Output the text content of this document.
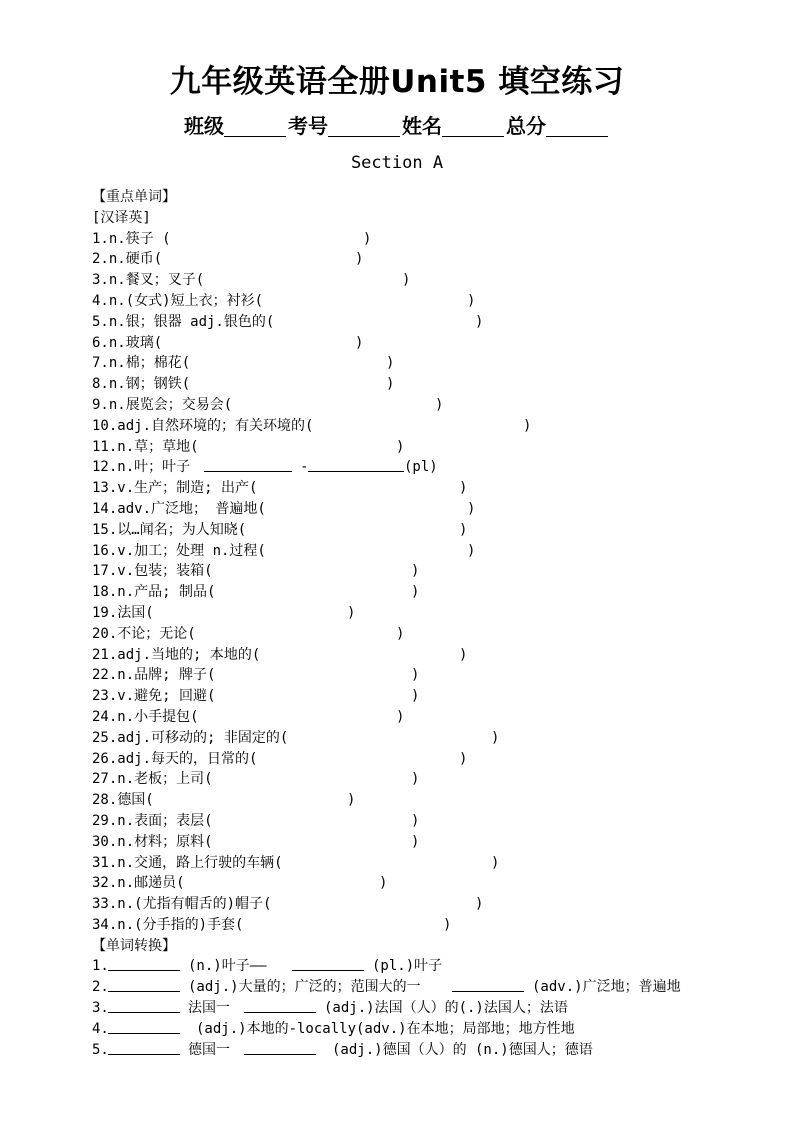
九年级英语全册Unit5 填空练习
班级	考号	姓名	总分
Section A
【重点单词】
[汉译英]
1.n.筷子 (	)
2.n.硬币(	)
3.n.餐叉；叉子(	)
4.n.(女式)短上衣；衬衫(	)
5.n.银；银器 adj.银色的(	)
6.n.玻璃(	)
7.n.棉；棉花(	)
8.n.钢；钢铁(	)
9.n.展览会；交易会(	)
10.adj.自然环境的；有关环境的(	)
11.n.草；草地(	)
12.n.叶；叶子	-	(pl)
13.v.生产；制造; 出产(	)
14.adv.广泛地； 普遍地(	)
15.以…闻名；为人知晓(	)
16.v.加工；处理 n.过程(	)
17.v.包装；装箱(	)
18.n.产品; 制品(	)
19.法国(	)
20.不论；无论(	)
21.adj.当地的; 本地的(	)
22.n.品牌; 牌子(	)
23.v.避免; 回避(	)
24.n.小手提包(	)
25.adj.可移动的; 非固定的(	)
26.adj.每天的，日常的(	)
27.n.老板；上司(	)
28.德国(	)
29.n.表面；表层(	)
30.n.材料；原料(	)
31.n.交通，路上行驶的车辆(	)
32.n.邮递员(	)
33.n.(尤指有帽舌的)帽子(	)
34.n.(分手指的)手套(	)
【单词转换】
1.	(n.)叶子——	(pl.)叶子
2.	(adj.)大量的；广泛的；范围大的一	(adv.)广泛地；普遍地
3.	法国一	(adj.)法国（人）的(.)法国人；法语
4.	(adj.)本地的-locally(adv.)在本地；局部地；地方性地
5.	德国一	(adj.)德国（人）的 (n.)德国人；德语
